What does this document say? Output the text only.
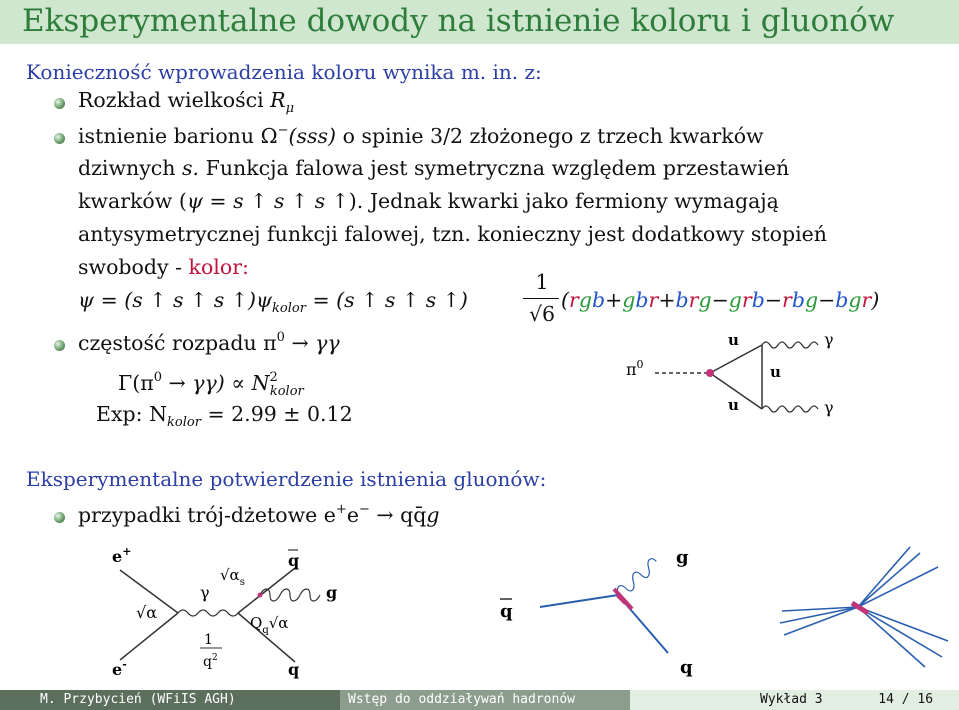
Eksperymentalne dowody na istnienie koloru i gluonów
Konieczność wprowadzenia koloru wynika m. in. z:
Rozkład wielkości $R_\mu$
istnienie barionu Ω−(sss) o spinie 3/2 złożonego z trzech kwarków
dziwnych s. Funkcja falowa jest symetryczna względem przestawień
kwarków (ψ = s ↑ s ↑ s ↑). Jednak kwarki jako fermiony wymagają
antysymetrycznej funkcji falowej, tzn. konieczny jest dodatkowy stopień
swobody - kolor:
ψ = (s ↑ s ↑ s $↑)\psi_{kolor} = (s$ ↑ s ↑ s ↑)
1
√6
(rgb+gbr+brg−grb−rbg−bgr)
częstość rozpadu $\pi^0 \to \gamma\gamma$
$\Gamma(\pi^0 \to \gamma\gamma) \propto N^2_{kolor}$
Exp: $N_{kolor} = 2.99 \pm 0.12$
$\pi^0$
u
u
u
γ
γ
Eksperymentalne potwierdzenie istnienia gluonów:
przypadki trój-dżetowe e+e− → qq̄g
e+
e-
√α
γ
1
$q^2$
$√\alpha_s$
q
g
$Q_q√\alpha$
q
q
g
q
M. Przybycień (WFiIS AGH)	Wstęp do oddziaływań hadronów	Wykład 3	14 / 16
